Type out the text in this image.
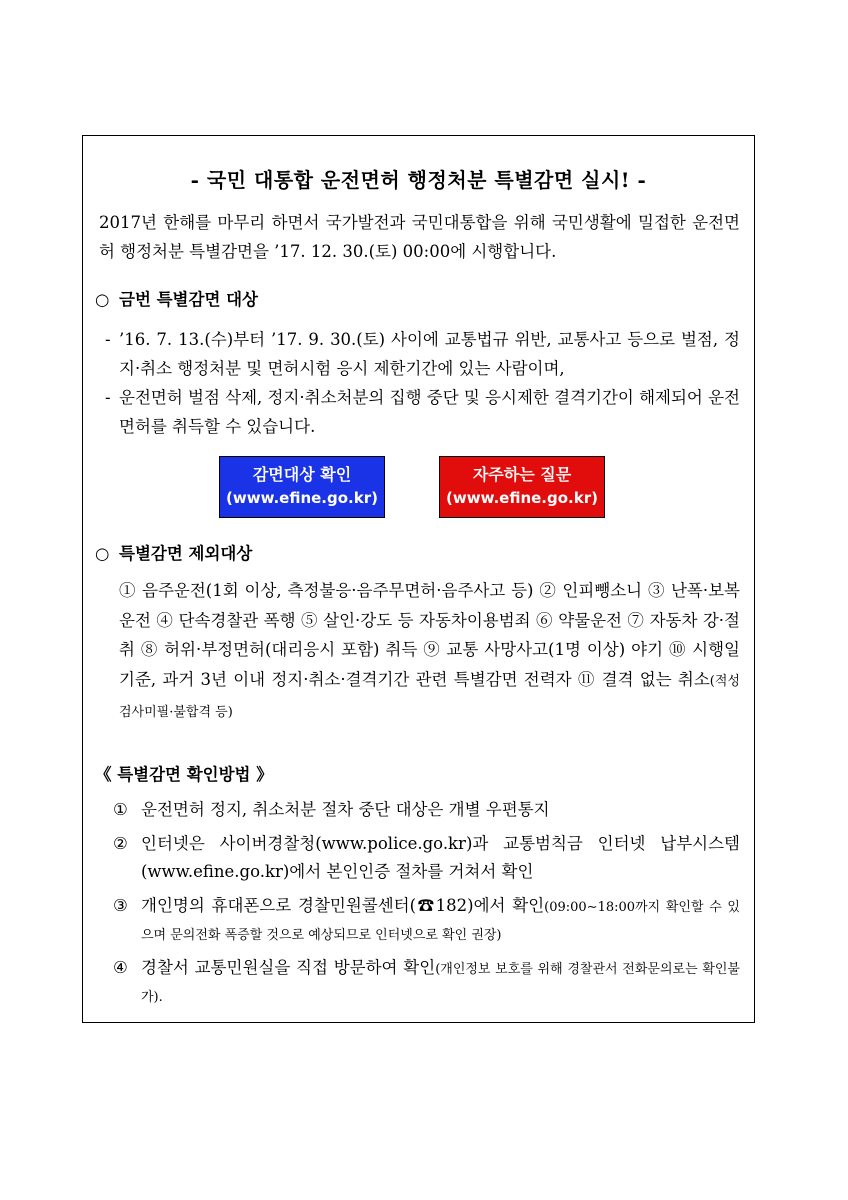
- 국민 대통합 운전면허 행정처분 특별감면 실시! -
2017년 한해를 마무리 하면서 국가발전과 국민대통합을 위해 국민생활에 밀접한 운전면허 행정처분 특별감면을 ’17. 12. 30.(토) 00:00에 시행합니다.
○ 금번 특별감면 대상
- ’16. 7. 13.(수)부터 ’17. 9. 30.(토) 사이에 교통법규 위반, 교통사고 등으로 벌점, 정지·취소 행정처분 및 면허시험 응시 제한기간에 있는 사람이며,
- 운전면허 벌점 삭제, 정지·취소처분의 집행 중단 및 응시제한 결격기간이 해제되어 운전면허를 취득할 수 있습니다.
감면대상 확인
(www.efine.go.kr)
자주하는 질문
(www.efine.go.kr)
○ 특별감면 제외대상
① 음주운전(1회 이상, 측정불응·음주무면허·음주사고 등) ② 인피뺑소니 ③ 난폭·보복운전 ④ 단속경찰관 폭행 ⑤ 살인·강도 등 자동차이용범죄 ⑥ 약물운전 ⑦ 자동차 강·절취 ⑧ 허위·부정면허(대리응시 포함) 취득 ⑨ 교통 사망사고(1명 이상) 야기 ⑩ 시행일 기준, 과거 3년 이내 정지·취소·결격기간 관련 특별감면 전력자 ⑪ 결격 없는 취소(적성검사미필·불합격 등)
《 특별감면 확인방법 》
① 운전면허 정지, 취소처분 절차 중단 대상은 개별 우편통지
② 인터넷은 사이버경찰청(www.police.go.kr)과 교통범칙금 인터넷 납부시스템(www.efine.go.kr)에서 본인인증 절차를 거쳐서 확인
③ 개인명의 휴대폰으로 경찰민원콜센터(☎182)에서 확인(09:00∼18:00까지 확인할 수 있으며 문의전화 폭증할 것으로 예상되므로 인터넷으로 확인 권장)
④ 경찰서 교통민원실을 직접 방문하여 확인(개인정보 보호를 위해 경찰관서 전화문의로는 확인불가).
